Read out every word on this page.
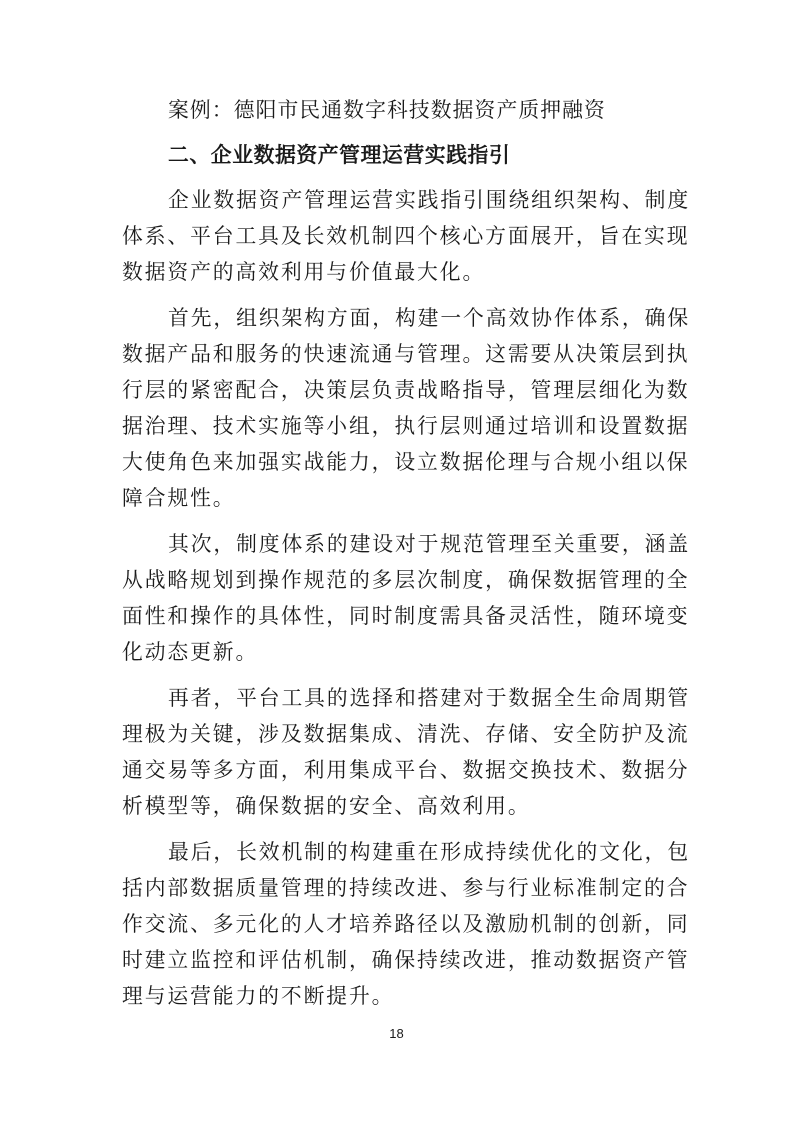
案例：德阳市民通数字科技数据资产质押融资
二、企业数据资产管理运营实践指引
企业数据资产管理运营实践指引围绕组织架构、制度
体系、平台工具及长效机制四个核心方面展开，旨在实现
数据资产的高效利用与价值最大化。
首先，组织架构方面，构建一个高效协作体系，确保
数据产品和服务的快速流通与管理。这需要从决策层到执
行层的紧密配合，决策层负责战略指导，管理层细化为数
据治理、技术实施等小组，执行层则通过培训和设置数据
大使角色来加强实战能力，设立数据伦理与合规小组以保
障合规性。
其次，制度体系的建设对于规范管理至关重要，涵盖
从战略规划到操作规范的多层次制度，确保数据管理的全
面性和操作的具体性，同时制度需具备灵活性，随环境变
化动态更新。
再者，平台工具的选择和搭建对于数据全生命周期管
理极为关键，涉及数据集成、清洗、存储、安全防护及流
通交易等多方面，利用集成平台、数据交换技术、数据分
析模型等，确保数据的安全、高效利用。
最后，长效机制的构建重在形成持续优化的文化，包
括内部数据质量管理的持续改进、参与行业标准制定的合
作交流、多元化的人才培养路径以及激励机制的创新，同
时建立监控和评估机制，确保持续改进，推动数据资产管
理与运营能力的不断提升。
18
